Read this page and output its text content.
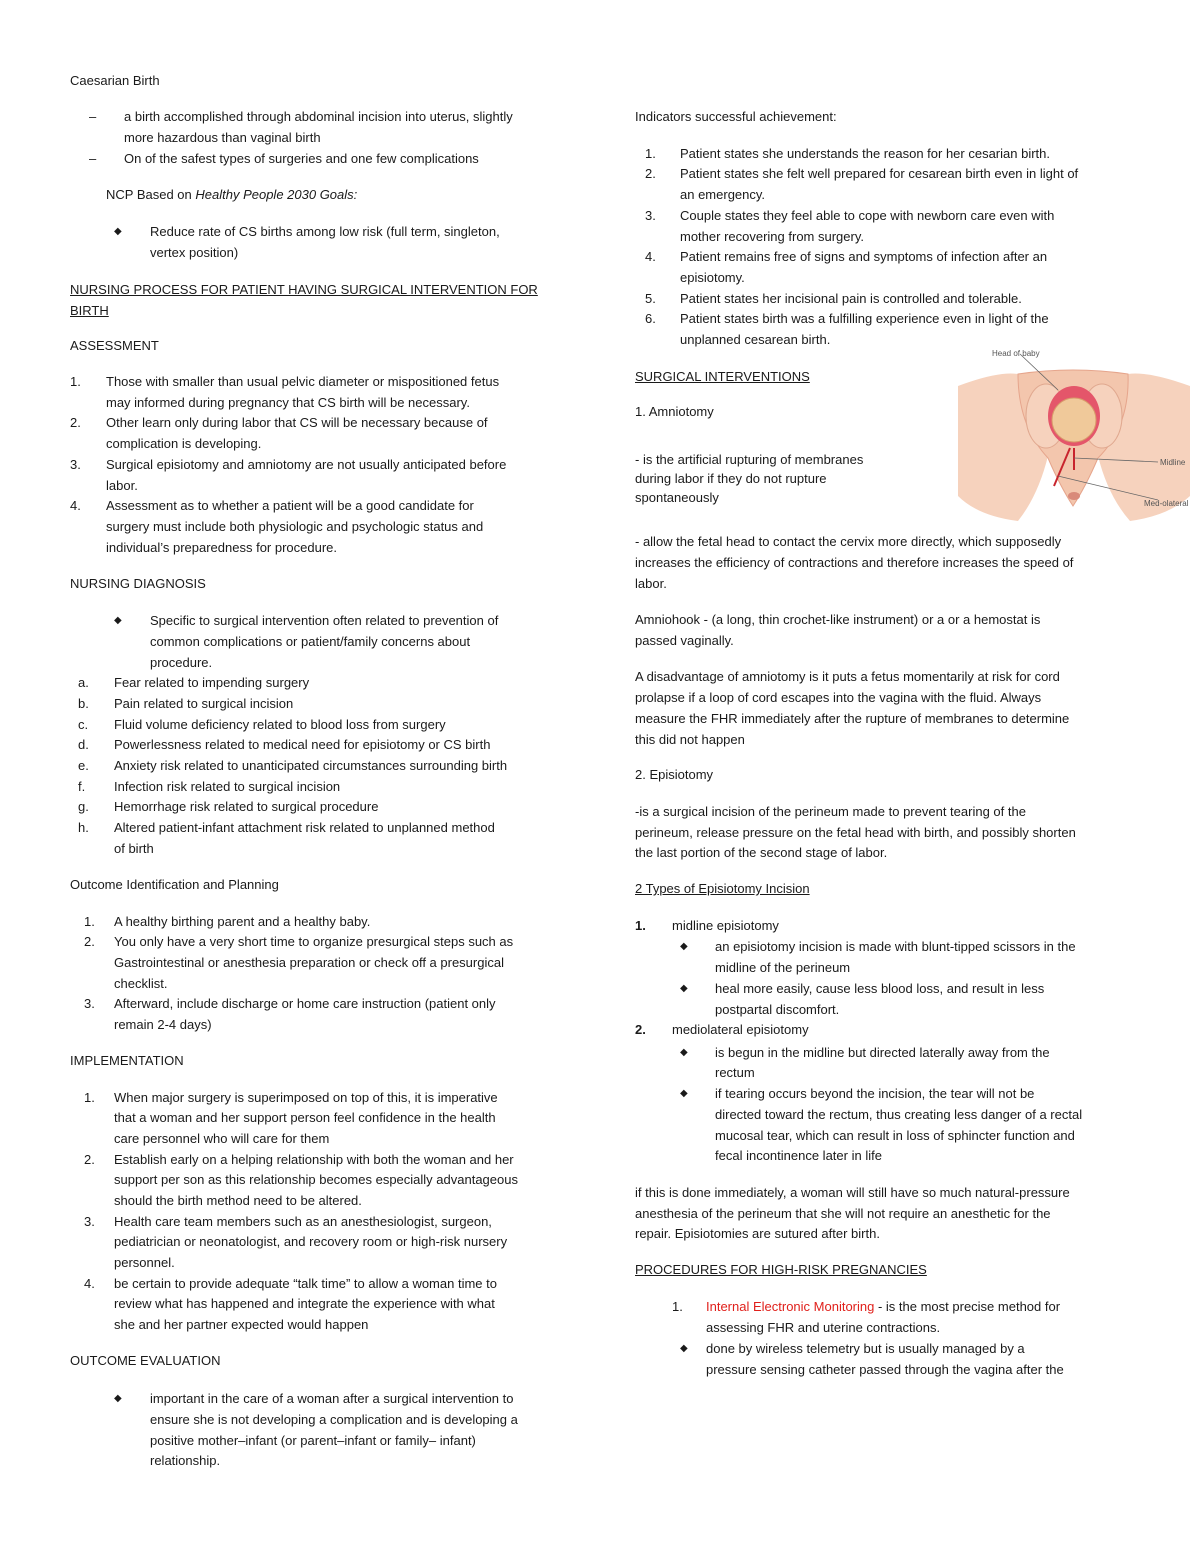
Caesarian Birth
– a birth accomplished through abdominal incision into uterus, slightly
more hazardous than vaginal birth
– On of the safest types of surgeries and one few complications
NCP Based on Healthy People 2030 Goals:
◆ Reduce rate of CS births among low risk (full term, singleton,
vertex position)
NURSING PROCESS FOR PATIENT HAVING SURGICAL INTERVENTION FOR
BIRTH
ASSESSMENT
1. Those with smaller than usual pelvic diameter or mispositioned fetus
may informed during pregnancy that CS birth will be necessary.
2. Other learn only during labor that CS will be necessary because of
complication is developing.
3. Surgical episiotomy and amniotomy are not usually anticipated before
labor.
4. Assessment as to whether a patient will be a good candidate for
surgery must include both physiologic and psychologic status and
individual’s preparedness for procedure.
NURSING DIAGNOSIS
◆ Specific to surgical intervention often related to prevention of
common complications or patient/family concerns about
procedure.
a. Fear related to impending surgery
b. Pain related to surgical incision
c. Fluid volume deficiency related to blood loss from surgery
d. Powerlessness related to medical need for episiotomy or CS birth
e. Anxiety risk related to unanticipated circumstances surrounding birth
f. Infection risk related to surgical incision
g. Hemorrhage risk related to surgical procedure
h. Altered patient-infant attachment risk related to unplanned method
of birth
Outcome Identification and Planning
1. A healthy birthing parent and a healthy baby.
2. You only have a very short time to organize presurgical steps such as
Gastrointestinal or anesthesia preparation or check off a presurgical
checklist.
3. Afterward, include discharge or home care instruction (patient only
remain 2-4 days)
IMPLEMENTATION
1. When major surgery is superimposed on top of this, it is imperative
that a woman and her support person feel confidence in the health
care personnel who will care for them
2. Establish early on a helping relationship with both the woman and her
support per son as this relationship becomes especially advantageous
should the birth method need to be altered.
3. Health care team members such as an anesthesiologist, surgeon,
pediatrician or neonatologist, and recovery room or high-risk nursery
personnel.
4. be certain to provide adequate “talk time” to allow a woman time to
review what has happened and integrate the experience with what
she and her partner expected would happen
OUTCOME EVALUATION
◆ important in the care of a woman after a surgical intervention to
ensure she is not developing a complication and is developing a
positive mother–infant (or parent–infant or family– infant)
relationship.
Indicators successful achievement:
1. Patient states she understands the reason for her cesarian birth.
2. Patient states she felt well prepared for cesarean birth even in light of
an emergency.
3. Couple states they feel able to cope with newborn care even with
mother recovering from surgery.
4. Patient remains free of signs and symptoms of infection after an
episiotomy.
5. Patient states her incisional pain is controlled and tolerable.
6. Patient states birth was a fulfilling experience even in light of the
unplanned cesarean birth.
SURGICAL INTERVENTIONS
1. Amniotomy
- is the artificial rupturing of membranes
during labor if they do not rupture
spontaneously
- allow the fetal head to contact the cervix more directly, which supposedly
increases the efficiency of contractions and therefore increases the speed of
labor.
Amniohook - (a long, thin crochet-like instrument) or a or a hemostat is
passed vaginally.
A disadvantage of amniotomy is it puts a fetus momentarily at risk for cord
prolapse if a loop of cord escapes into the vagina with the fluid. Always
measure the FHR immediately after the rupture of membranes to determine
this did not happen
2. Episiotomy
-is a surgical incision of the perineum made to prevent tearing of the
perineum, release pressure on the fetal head with birth, and possibly shorten
the last portion of the second stage of labor.
2 Types of Episiotomy Incision
1. midline episiotomy
◆ an episiotomy incision is made with blunt-tipped scissors in the
midline of the perineum
◆ heal more easily, cause less blood loss, and result in less
postpartal discomfort.
2. mediolateral episiotomy
◆ is begun in the midline but directed laterally away from the
rectum
◆ if tearing occurs beyond the incision, the tear will not be
directed toward the rectum, thus creating less danger of a rectal
mucosal tear, which can result in loss of sphincter function and
fecal incontinence later in life
if this is done immediately, a woman will still have so much natural-pressure
anesthesia of the perineum that she will not require an anesthetic for the
repair. Episiotomies are sutured after birth.
PROCEDURES FOR HIGH-RISK PREGNANCIES
1. Internal Electronic Monitoring - is the most precise method for
assessing FHR and uterine contractions.
◆ done by wireless telemetry but is usually managed by a
pressure sensing catheter passed through the vagina after the
Head of baby
Midline
Med-olateral
